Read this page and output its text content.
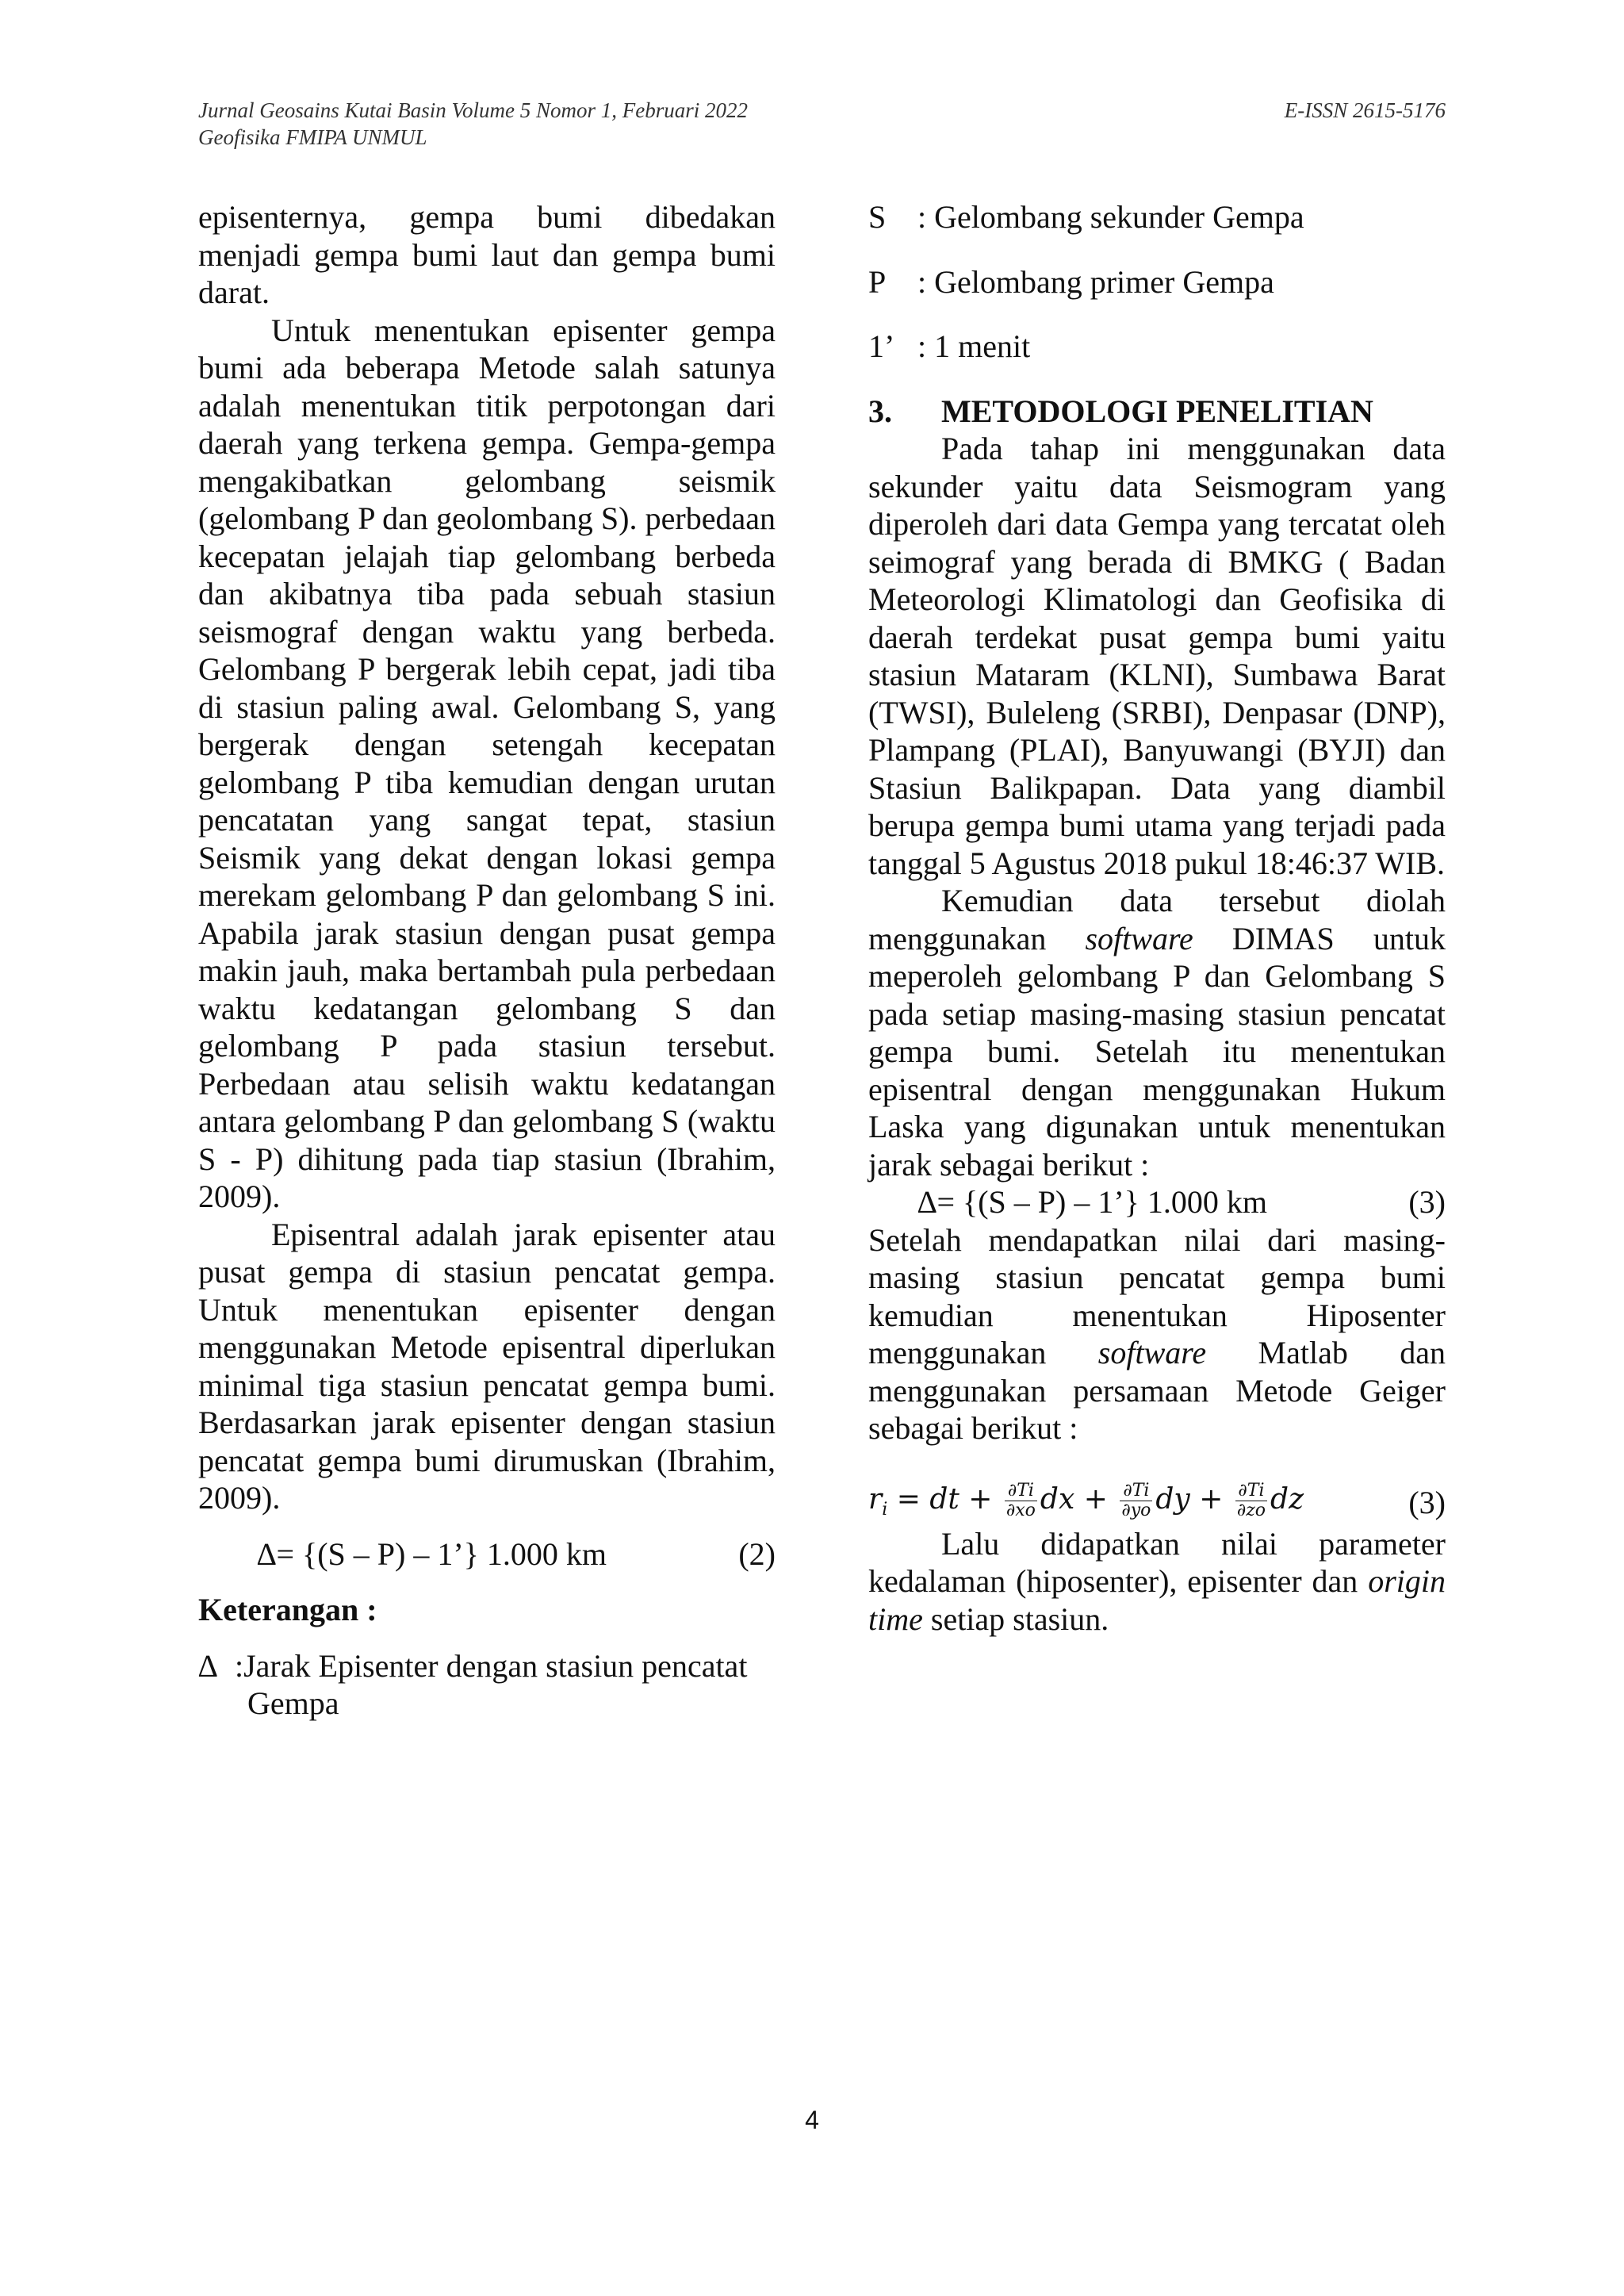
Jurnal Geosains Kutai Basin Volume 5 Nomor 1, Februari 2022
Geofisika FMIPA UNMUL
E-ISSN 2615-5176

episenternya, gempa bumi dibedakan menjadi gempa bumi laut dan gempa bumi darat.

Untuk menentukan episenter gempa bumi ada beberapa Metode salah satunya adalah menentukan titik perpotongan dari daerah yang terkena gempa. Gempa-gempa mengakibatkan gelombang seismik (gelombang P dan geolombang S). perbedaan kecepatan jelajah tiap gelombang berbeda dan akibatnya tiba pada sebuah stasiun seismograf dengan waktu yang berbeda. Gelombang P bergerak lebih cepat, jadi tiba di stasiun paling awal. Gelombang S, yang bergerak dengan setengah kecepatan gelombang P tiba kemudian dengan urutan pencatatan yang sangat tepat, stasiun Seismik yang dekat dengan lokasi gempa merekam gelombang P dan gelombang S ini. Apabila jarak stasiun dengan pusat gempa makin jauh, maka bertambah pula perbedaan waktu kedatangan gelombang S dan gelombang P pada stasiun tersebut. Perbedaan atau selisih waktu kedatangan antara gelombang P dan gelombang S (waktu S - P) dihitung pada tiap stasiun (Ibrahim, 2009).

Episentral adalah jarak episenter atau pusat gempa di stasiun pencatat gempa. Untuk menentukan episenter dengan menggunakan Metode episentral diperlukan minimal tiga stasiun pencatat gempa bumi. Berdasarkan jarak episenter dengan stasiun pencatat gempa bumi dirumuskan (Ibrahim, 2009).

∆= {(S – P) – 1’} 1.000 km	(2)
Keterangan :
∆ :Jarak Episenter dengan stasiun pencatat Gempa
S : Gelombang sekunder Gempa
P : Gelombang primer Gempa
1’ : 1 menit
3.	METODOLOGI PENELITIAN

Pada tahap ini menggunakan data sekunder yaitu data Seismogram yang diperoleh dari data Gempa yang tercatat oleh seimograf yang berada di BMKG ( Badan Meteorologi Klimatologi dan Geofisika di daerah terdekat pusat gempa bumi yaitu stasiun Mataram (KLNI), Sumbawa Barat (TWSI), Buleleng (SRBI), Denpasar (DNP), Plampang (PLAI), Banyuwangi (BYJI) dan Stasiun Balikpapan. Data yang diambil berupa gempa bumi utama yang terjadi pada tanggal 5 Agustus 2018 pukul 18:46:37 WIB.

Kemudian data tersebut diolah menggunakan software DIMAS untuk meperoleh gelombang P dan Gelombang S pada setiap masing-masing stasiun pencatat gempa bumi. Setelah itu menentukan episentral dengan menggunakan Hukum Laska yang digunakan untuk menentukan jarak sebagai berikut :

∆= {(S – P) – 1’} 1.000 km	(3)

Setelah mendapatkan nilai dari masing-masing stasiun pencatat gempa bumi kemudian menentukan Hiposenter menggunakan software Matlab dan menggunakan persamaan Metode Geiger sebagai berikut :

$r_i$ = dt + $\frac{\partial Ti}{\partial xo}$ dx + $\frac{\partial Ti}{\partial yo}$ dy + $\frac{\partial Ti}{\partial zo}$ dz	(3)

Lalu didapatkan nilai parameter kedalaman (hiposenter), episenter dan origin time setiap stasiun.

4
